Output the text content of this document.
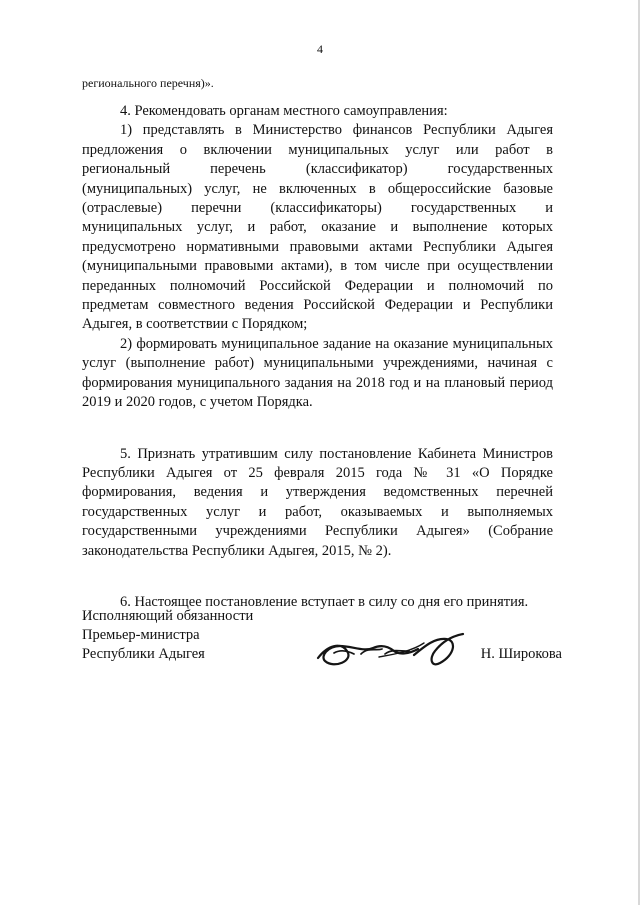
4
регионального перечня)».

4. Рекомендовать органам местного самоуправления:

1) представлять в Министерство финансов Республики Адыгея предложения о включении муниципальных услуг или работ в региональный перечень (классификатор) государственных (муниципальных) услуг, не включенных в общероссийские базовые (отраслевые) перечни (классификаторы) государственных и муниципальных услуг, и работ, оказание и выполнение которых предусмотрено нормативными правовыми актами Республики Адыгея (муниципальными правовыми актами), в том числе при осуществлении переданных полномочий Российской Федерации и полномочий по предметам совместного ведения Российской Федерации и Республики Адыгея, в соответствии с Порядком;

2) формировать муниципальное задание на оказание муниципальных услуг (выполнение работ) муниципальными учреждениями, начиная с формирования муниципального задания на 2018 год и на плановый период 2019 и 2020 годов, с учетом Порядка.

5. Признать утратившим силу постановление Кабинета Министров Республики Адыгея от 25 февраля 2015 года № 31 «О Порядке формирования, ведения и утверждения ведомственных перечней государственных услуг и работ, оказываемых и выполняемых государственными учреждениями Республики Адыгея» (Собрание законодательства Республики Адыгея, 2015, № 2).

6. Настоящее постановление вступает в силу со дня его принятия.

Исполняющий обязанности
Премьер-министра
Республики Адыгея	Н. Широкова
